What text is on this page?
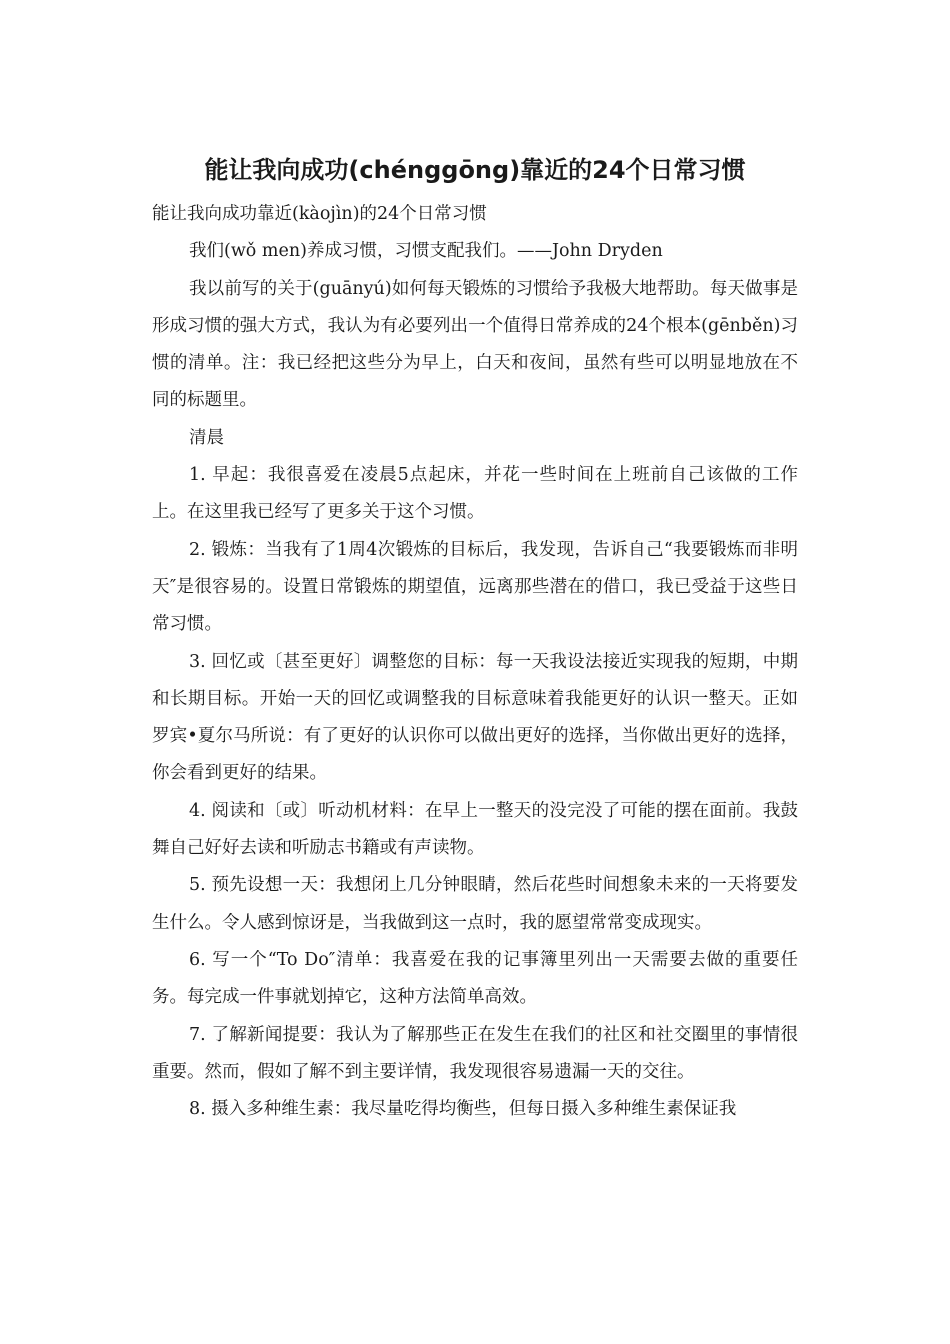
能让我向成功(chénggōng)靠近的24个日常习惯

能让我向成功靠近(kàojìn)的24个日常习惯

我们(wǒ men)养成习惯，习惯支配我们。——John Dryden

我以前写的关于(guānyú)如何每天锻炼的习惯给予我极大地帮助。每天做事是形成习惯的强大方式，我认为有必要列出一个值得日常养成的24个根本(gēnběn)习惯的清单。注：我已经把这些分为早上，白天和夜间，虽然有些可以明显地放在不同的标题里。

清晨

1. 早起：我很喜爱在凌晨5点起床，并花一些时间在上班前自己该做的工作上。在这里我已经写了更多关于这个习惯。

2. 锻炼：当我有了1周4次锻炼的目标后，我发现，告诉自己“我要锻炼而非明天″是很容易的。设置日常锻炼的期望值，远离那些潜在的借口，我已受益于这些日常习惯。

3. 回忆或〔甚至更好〕调整您的目标：每一天我设法接近实现我的短期，中期和长期目标。开始一天的回忆或调整我的目标意味着我能更好的认识一整天。正如罗宾•夏尔马所说：有了更好的认识你可以做出更好的选择，当你做出更好的选择，你会看到更好的结果。

4. 阅读和〔或〕听动机材料：在早上一整天的没完没了可能的摆在面前。我鼓舞自己好好去读和听励志书籍或有声读物。

5. 预先设想一天：我想闭上几分钟眼睛，然后花些时间想象未来的一天将要发生什么。令人感到惊讶是，当我做到这一点时，我的愿望常常变成现实。

6. 写一个“To Do″清单：我喜爱在我的记事簿里列出一天需要去做的重要任务。每完成一件事就划掉它，这种方法简单高效。

7. 了解新闻提要：我认为了解那些正在发生在我们的社区和社交圈里的事情很重要。然而，假如了解不到主要详情，我发现很容易遗漏一天的交往。

8. 摄入多种维生素：我尽量吃得均衡些，但每日摄入多种维生素保证我
